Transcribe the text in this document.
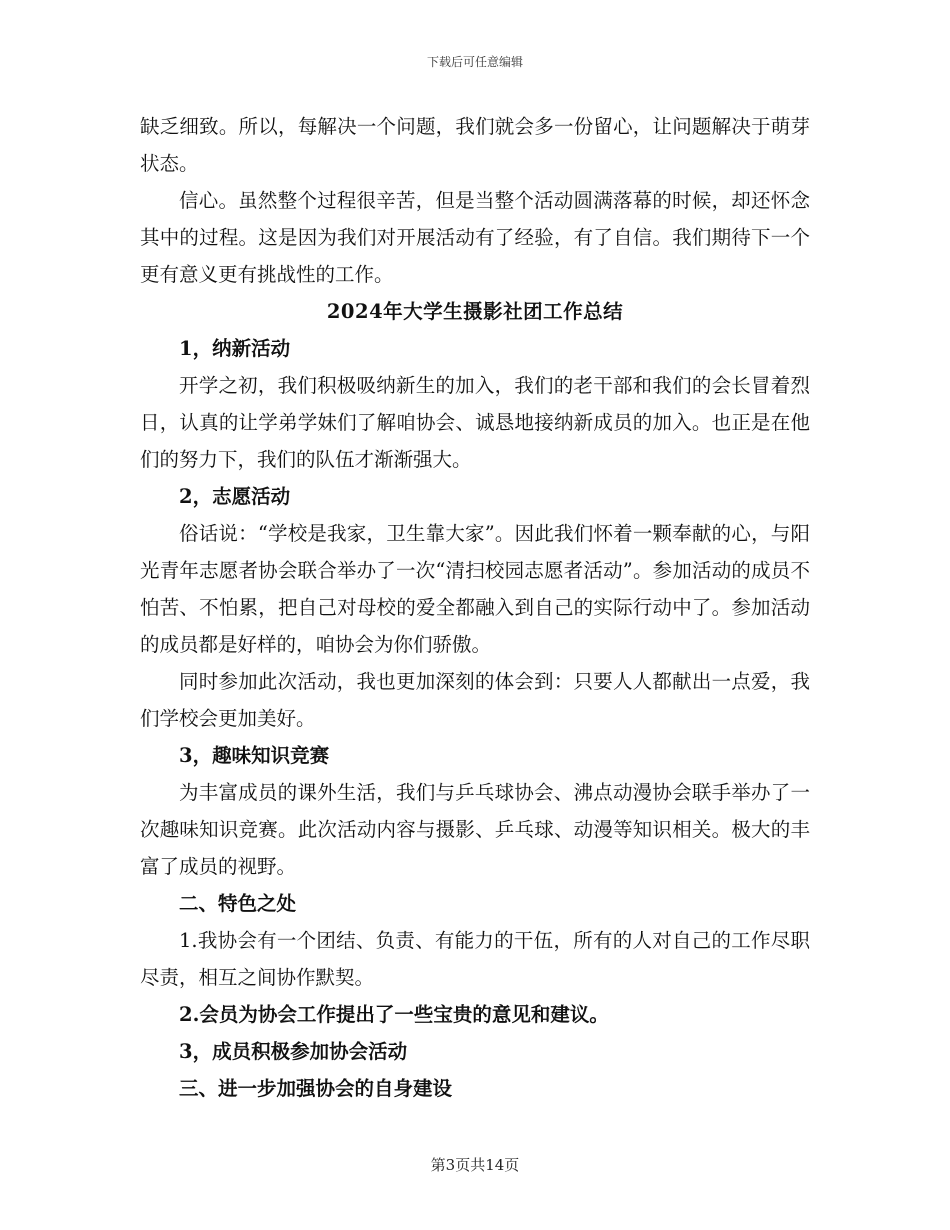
下载后可任意编辑

缺乏细致。所以，每解决一个问题，我们就会多一份留心，让问题解决于萌芽状态。

信心。虽然整个过程很辛苦，但是当整个活动圆满落幕的时候，却还怀念其中的过程。这是因为我们对开展活动有了经验，有了自信。我们期待下一个更有意义更有挑战性的工作。

2024年大学生摄影社团工作总结

1，纳新活动

开学之初，我们积极吸纳新生的加入，我们的老干部和我们的会长冒着烈日，认真的让学弟学妹们了解咱协会、诚恳地接纳新成员的加入。也正是在他们的努力下，我们的队伍才渐渐强大。

2，志愿活动

俗话说：“学校是我家，卫生靠大家”。因此我们怀着一颗奉献的心，与阳光青年志愿者协会联合举办了一次“清扫校园志愿者活动”。参加活动的成员不怕苦、不怕累，把自己对母校的爱全都融入到自己的实际行动中了。参加活动的成员都是好样的，咱协会为你们骄傲。

同时参加此次活动，我也更加深刻的体会到：只要人人都献出一点爱，我们学校会更加美好。

3，趣味知识竞赛

为丰富成员的课外生活，我们与乒乓球协会、沸点动漫协会联手举办了一次趣味知识竞赛。此次活动内容与摄影、乒乓球、动漫等知识相关。极大的丰富了成员的视野。

二、特色之处

1.我协会有一个团结、负责、有能力的干伍，所有的人对自己的工作尽职尽责，相互之间协作默契。

2.会员为协会工作提出了一些宝贵的意见和建议。

3，成员积极参加协会活动

三、进一步加强协会的自身建设

第3页共14页
